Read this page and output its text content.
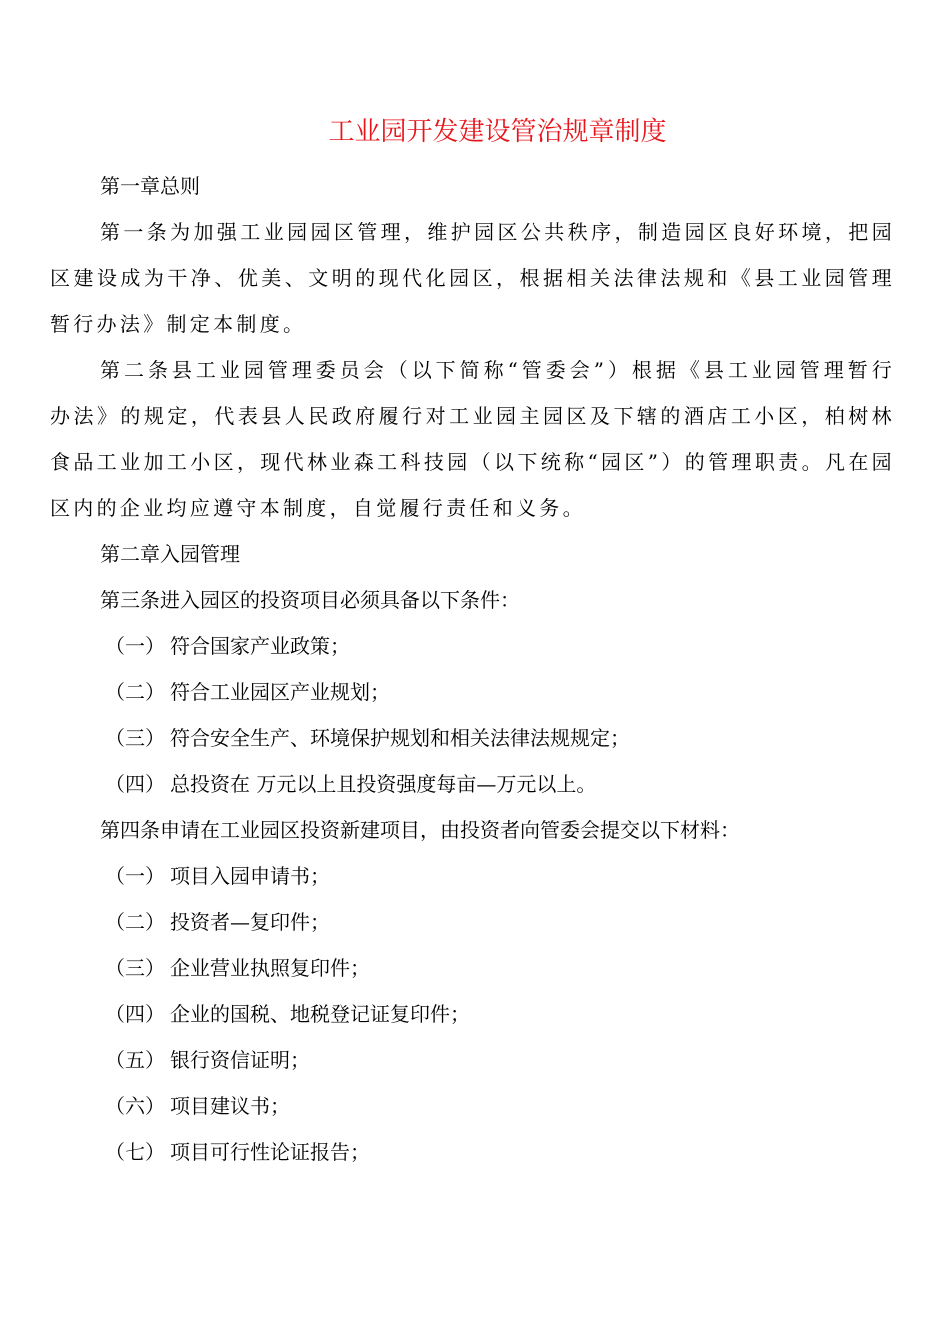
工业园开发建设管治规章制度

第一章总则

第一条为加强工业园园区管理，维护园区公共秩序，制造园区良好环境，把园区建设成为干净、优美、文明的现代化园区，根据相关法律法规和《县工业园管理暂行办法》制定本制度。

第二条县工业园管理委员会（以下简称“管委会”）根据《县工业园管理暂行办法》的规定，代表县人民政府履行对工业园主园区及下辖的酒店工小区，柏树林食品工业加工小区，现代林业森工科技园（以下统称“园区”）的管理职责。凡在园区内的企业均应遵守本制度，自觉履行责任和义务。

第二章入园管理

第三条进入园区的投资项目必须具备以下条件：

（一） 符合国家产业政策；

（二） 符合工业园区产业规划；

（三） 符合安全生产、环境保护规划和相关法律法规规定；

（四） 总投资在 万元以上且投资强度每亩—万元以上。

第四条申请在工业园区投资新建项目，由投资者向管委会提交以下材料：

（一） 项目入园申请书；

（二） 投资者—复印件；

（三） 企业营业执照复印件；

（四） 企业的国税、地税登记证复印件；

（五） 银行资信证明；

（六） 项目建议书；

（七） 项目可行性论证报告；
